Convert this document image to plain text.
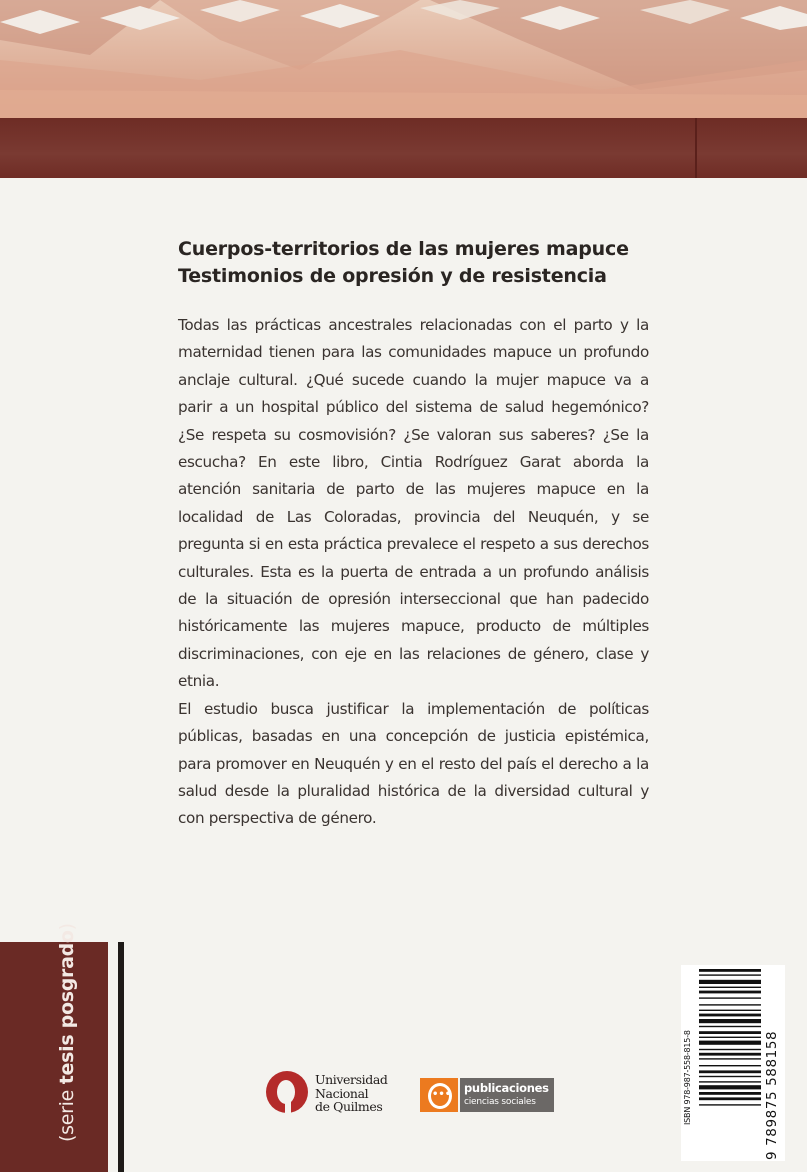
Cuerpos-territorios de las mujeres mapuce
Testimonios de opresión y de resistencia

Todas las prácticas ancestrales relacionadas con el parto y la maternidad tienen para las comunidades mapuce un profundo anclaje cultural. ¿Qué sucede cuando la mujer mapuce va a parir a un hospital público del sistema de salud hegemónico? ¿Se respeta su cosmovisión? ¿Se valoran sus saberes? ¿Se la escucha? En este libro, Cintia Rodríguez Garat aborda la atención sanitaria de parto de las mujeres mapuce en la localidad de Las Coloradas, provincia del Neuquén, y se pregunta si en esta práctica prevalece el respeto a sus derechos culturales. Esta es la puerta de entrada a un profundo análisis de la situación de opresión interseccional que han padecido históricamente las mujeres mapuce, producto de múltiples discriminaciones, con eje en las relaciones de género, clase y etnia.

El estudio busca justificar la implementación de políticas públicas, basadas en una concepción de justicia epistémica, para promover en Neuquén y en el resto del país el derecho a la salud desde la pluralidad histórica de la diversidad cultural y con perspectiva de género.

(serie tesis posgrado)
Universidad
Nacional
de Quilmes
••• publicaciones
ciencias sociales	ISBN 978-987-558-815-8	9 789875 588158
